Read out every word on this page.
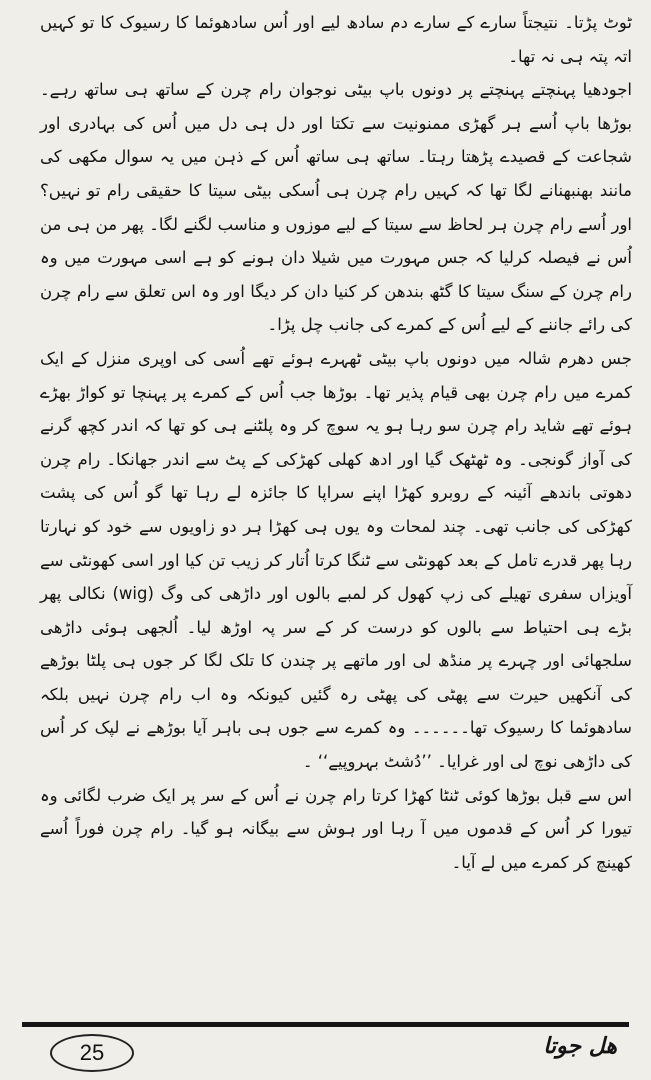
ٹوٹ پڑتا۔ نتیجتاً سارے کے سارے دم سادھ لیے اور اُس سادھوئما کا رسیوک کا تو کہیں اتہ پتہ ہی نہ تھا۔

اجودھیا پہنچتے پہنچتے پر دونوں باپ بیٹی نوجوان رام چرن کے ساتھ ہی ساتھ رہے۔ بوڑھا باپ اُسے ہر گھڑی ممنونیت سے تکتا اور دل ہی دل میں اُس کی بہادری اور شجاعت کے قصیدے پڑھتا رہتا۔ ساتھ ہی ساتھ اُس کے ذہن میں یہ سوال مکھی کی مانند بھنبھنانے لگا تھا کہ کہیں رام چرن ہی اُسکی بیٹی سیتا کا حقیقی رام تو نہیں؟ اور اُسے رام چرن ہر لحاظ سے سیتا کے لیے موزوں و مناسب لگنے لگا۔ پھر من ہی من اُس نے فیصلہ کرلیا کہ جس مہورت میں شیلا دان ہونے کو ہے اسی مہورت میں وہ رام چرن کے سنگ سیتا کا گٹھ بندھن کر کنیا دان کر دیگا اور وہ اس تعلق سے رام چرن کی رائے جاننے کے لیے اُس کے کمرے کی جانب چل پڑا۔

جس دھرم شالہ میں دونوں باپ بیٹی ٹھہرے ہوئے تھے اُسی کی اوپری منزل کے ایک کمرے میں رام چرن بھی قیام پذیر تھا۔ بوڑھا جب اُس کے کمرے پر پہنچا تو کواڑ بھڑے ہوئے تھے شاید رام چرن سو رہا ہو یہ سوچ کر وہ پلٹنے ہی کو تھا کہ اندر کچھ گرنے کی آواز گونجی۔ وہ ٹھٹھک گیا اور ادھ کھلی کھڑکی کے پٹ سے اندر جھانکا۔ رام چرن دھوتی باندھے آئینہ کے روبرو کھڑا اپنے سراپا کا جائزہ لے رہا تھا گو اُس کی پشت کھڑکی کی جانب تھی۔ چند لمحات وہ یوں ہی کھڑا ہر دو زاویوں سے خود کو نہارتا رہا پھر قدرے تامل کے بعد کھونٹی سے ٹنگا کرتا اُتار کر زیب تن کیا اور اسی کھونٹی سے آویزاں سفری تھیلے کی زپ کھول کر لمبے بالوں اور داڑھی کی وگ (wig) نکالی پھر بڑے ہی احتیاط سے بالوں کو درست کر کے سر پہ اوڑھ لیا۔ اُلجھی ہوئی داڑھی سلجھائی اور چہرے پر منڈھ لی اور ماتھے پر چندن کا تلک لگا کر جوں ہی پلٹا بوڑھے کی آنکھیں حیرت سے پھٹی کی پھٹی رہ گئیں کیونکہ وہ اب رام چرن نہیں بلکہ سادھوئما کا رسیوک تھا۔۔۔۔۔۔ وہ کمرے سے جوں ہی باہر آیا بوڑھے نے لپک کر اُس کی داڑھی نوچ لی اور غرایا۔ ’’دُشٹ بہروپیے‘‘ ۔

اس سے قبل بوڑھا کوئی ٹنٹا کھڑا کرتا رام چرن نے اُس کے سر پر ایک ضرب لگائی وہ تیورا کر اُس کے قدموں میں آ رہا اور ہوش سے بیگانہ ہو گیا۔ رام چرن فوراً اُسے کھینچ کر کمرے میں لے آیا۔

25	ھل جوتا
